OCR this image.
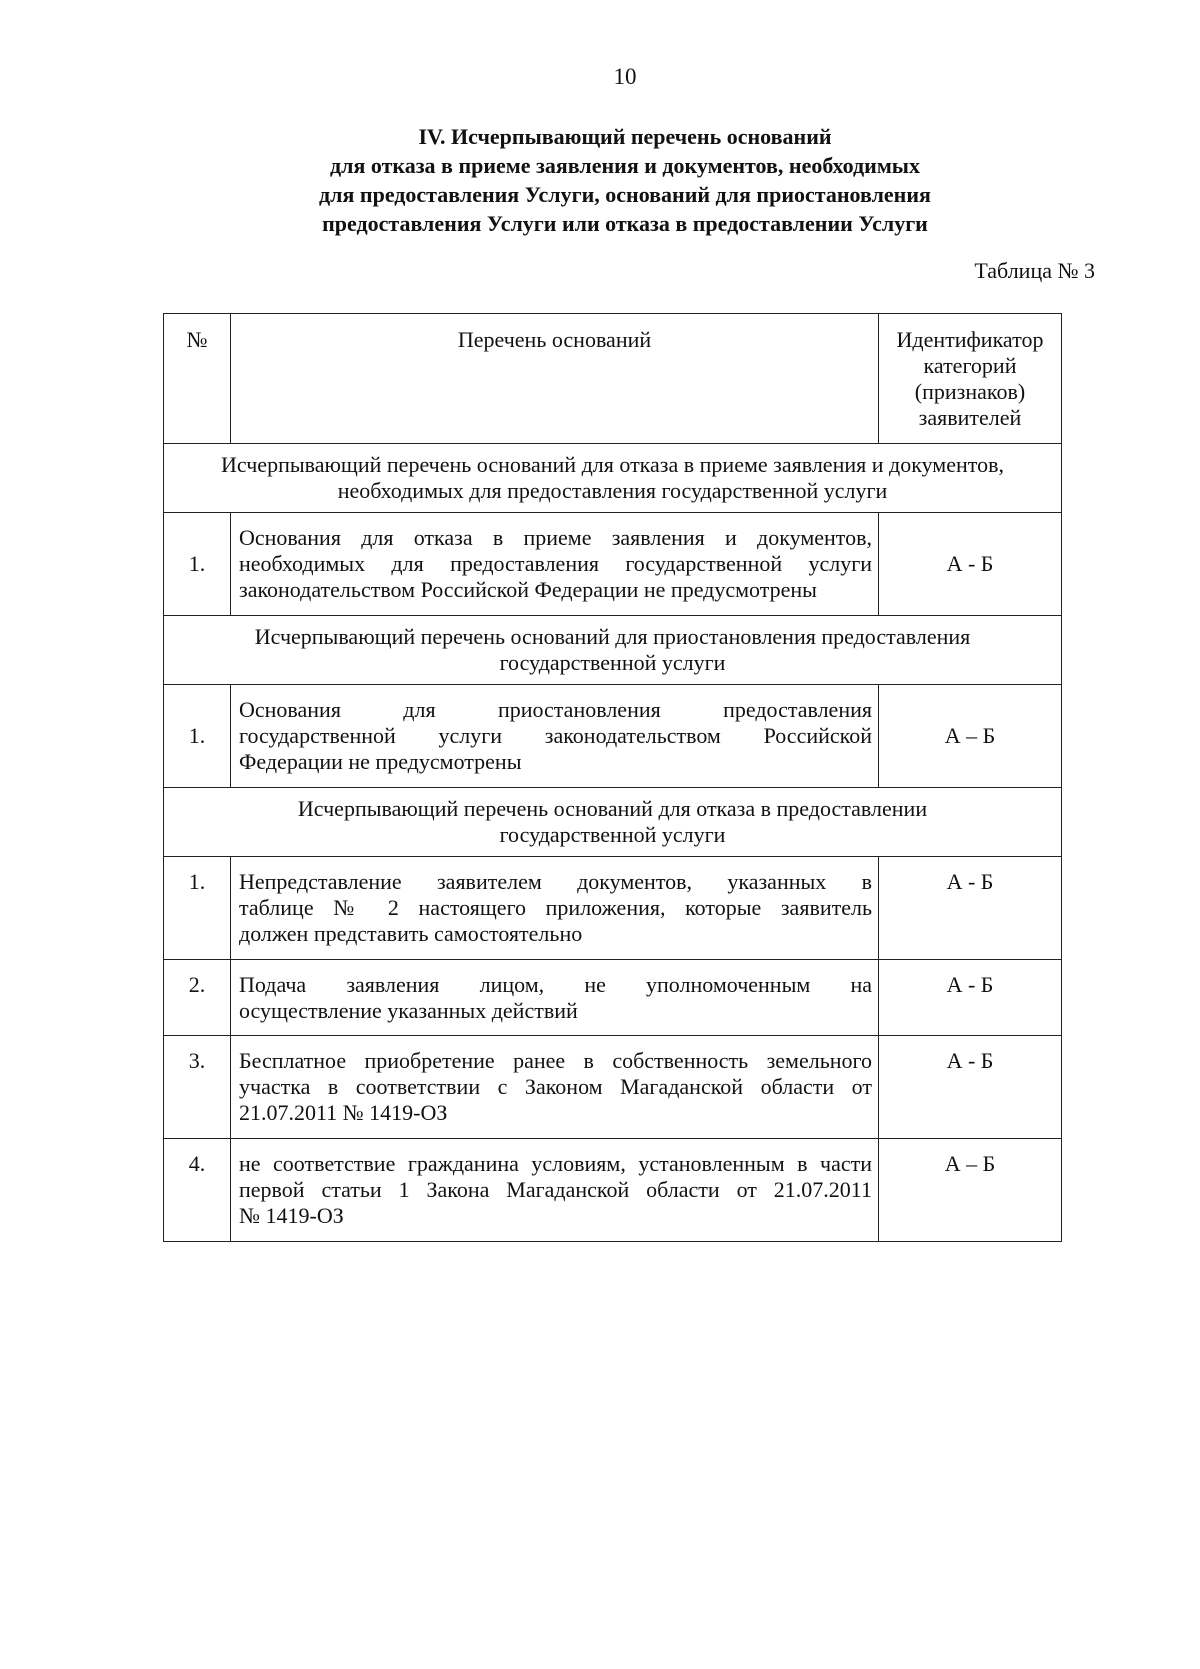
10
IV. Исчерпывающий перечень оснований
для отказа в приеме заявления и документов, необходимых
для предоставления Услуги, оснований для приостановления
предоставления Услуги или отказа в предоставлении Услуги
Таблица № 3
№	Перечень оснований	Идентификатор
категорий
(признаков)
заявителей

Исчерпывающий перечень оснований для отказа в приеме заявления и документов,
необходимых для предоставления государственной услуги		

1.	Основания для отказа в приеме заявления и документов,
необходимых для предоставления государственной услуги
законодательством Российской Федерации не предусмотрены	А - Б

Исчерпывающий перечень оснований для приостановления предоставления
государственной услуги		

1.	Основания для приостановления предоставления
государственной услуги законодательством Российской
Федерации не предусмотрены	А – Б

Исчерпывающий перечень оснований для отказа в предоставлении
государственной услуги		

1.	Непредставление заявителем документов, указанных в
таблице № 2 настоящего приложения, которые заявитель
должен представить самостоятельно	А - Б
2.	Подача заявления лицом, не уполномоченным на
осуществление указанных действий	А - Б
3.	Бесплатное приобретение ранее в собственность земельного
участка в соответствии с Законом Магаданской области от
21.07.2011 № 1419-ОЗ	А - Б
4.	не соответствие гражданина условиям, установленным в части
первой статьи 1 Закона Магаданской области от 21.07.2011
№ 1419-ОЗ	А – Б
